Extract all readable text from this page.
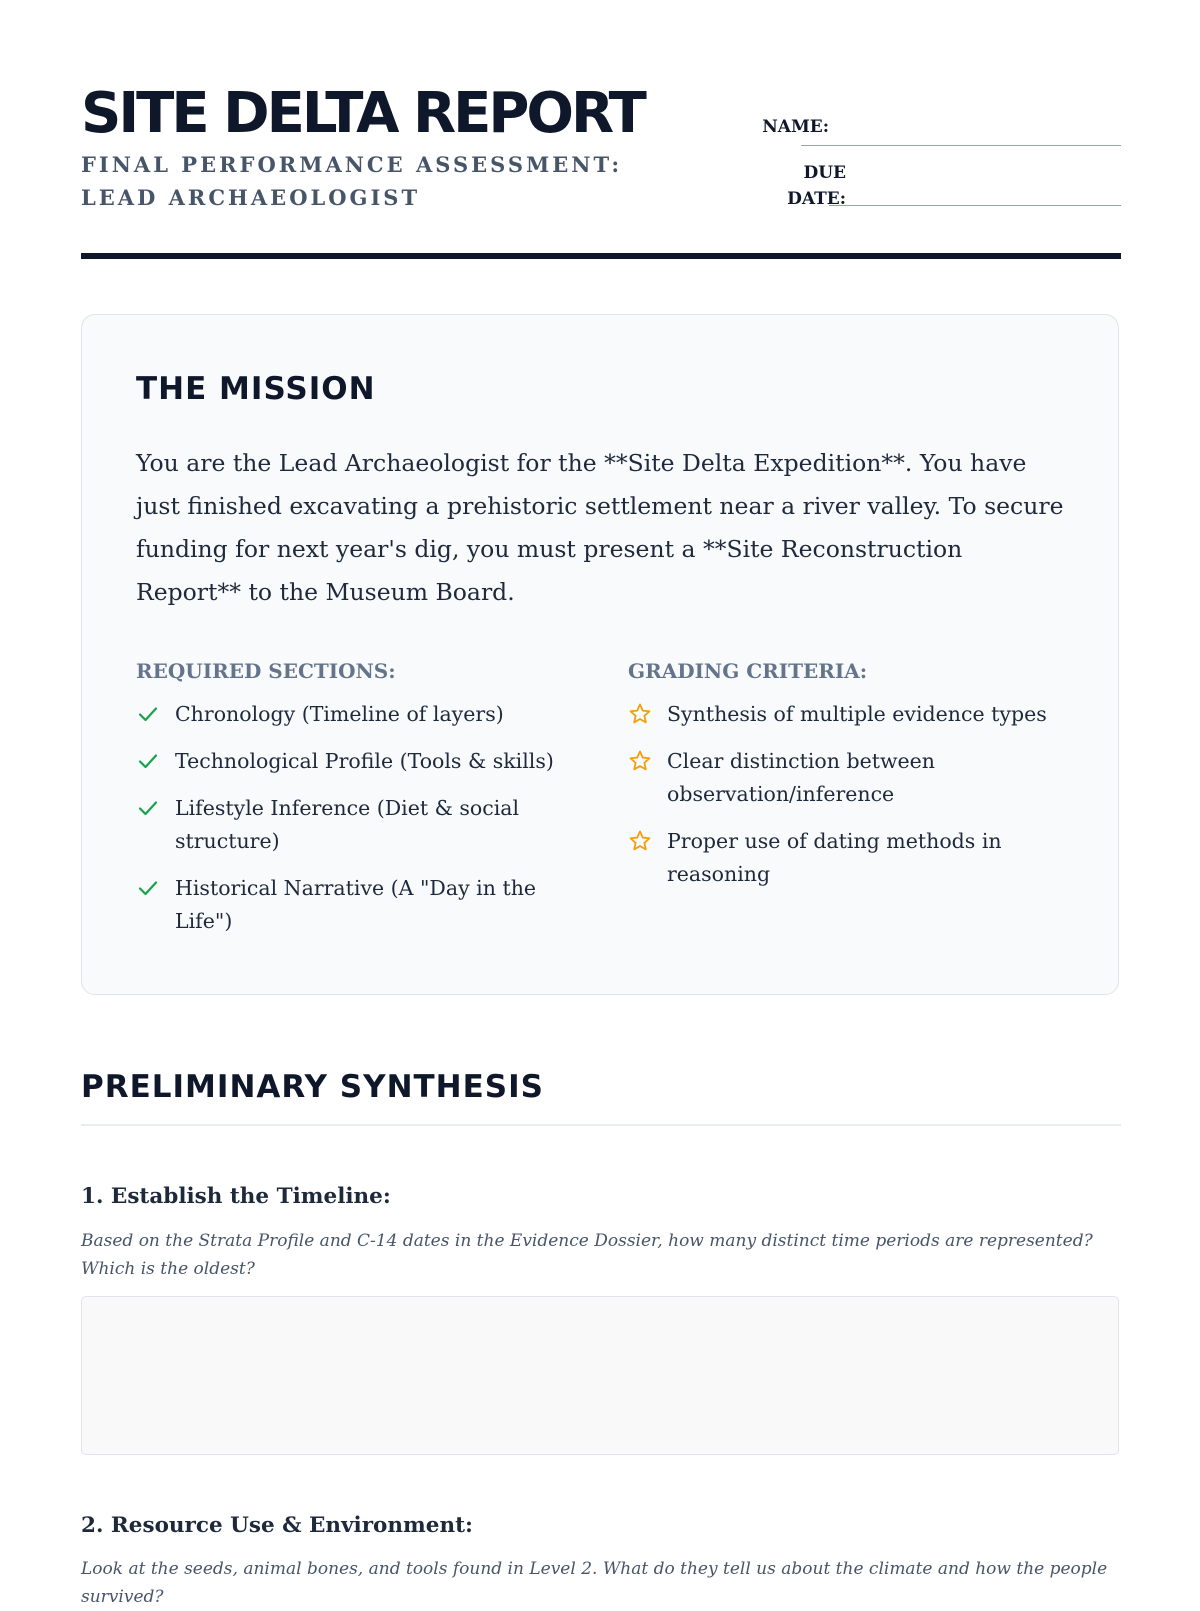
SITE DELTA REPORT
FINAL PERFORMANCE ASSESSMENT: LEAD ARCHAEOLOGIST
NAME:
DUE
DATE:
THE MISSION

You are the Lead Archaeologist for the **Site Delta Expedition**. You have just finished excavating a prehistoric settlement near a river valley. To secure funding for next year's dig, you must present a **Site Reconstruction Report** to the Museum Board.

REQUIRED SECTIONS:
Chronology (Timeline of layers)
Technological Profile (Tools & skills)
Lifestyle Inference (Diet & social structure)
Historical Narrative (A "Day in the Life")
GRADING CRITERIA:
Synthesis of multiple evidence types
Clear distinction between observation/inference
Proper use of dating methods in reasoning
PRELIMINARY SYNTHESIS
1. Establish the Timeline:

Based on the Strata Profile and C-14 dates in the Evidence Dossier, how many distinct time periods are represented? Which is the oldest?

2. Resource Use & Environment:

Look at the seeds, animal bones, and tools found in Level 2. What do they tell us about the climate and how the people survived?
